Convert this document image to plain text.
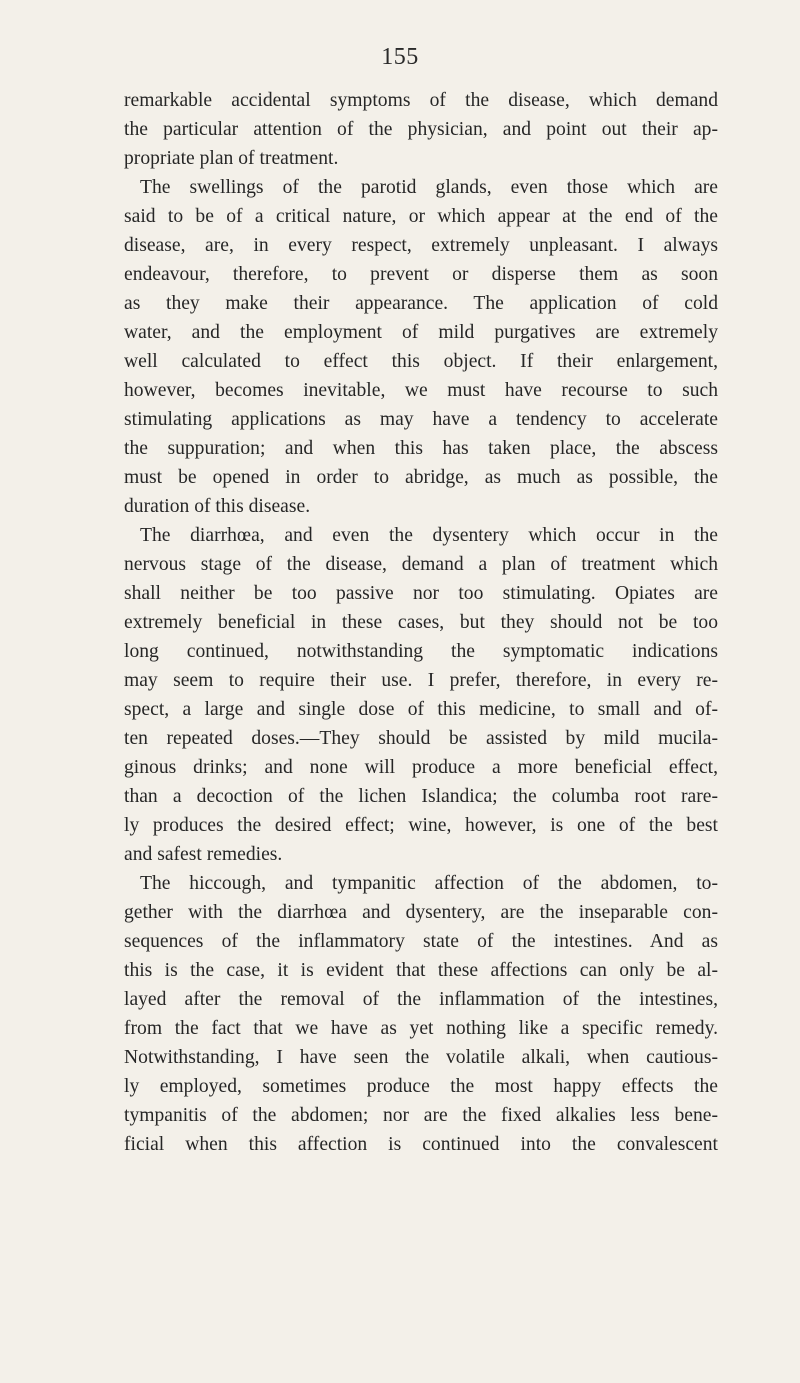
155
remarkable accidental symptoms of the disease, which demand
the particular attention of the physician, and point out their ap-
propriate plan of treatment.
The swellings of the parotid glands, even those which are
said to be of a critical nature, or which appear at the end of the
disease, are, in every respect, extremely unpleasant. I always
endeavour, therefore, to prevent or disperse them as soon
as they make their appearance. The application of cold
water, and the employment of mild purgatives are extremely
well calculated to effect this object. If their enlargement,
however, becomes inevitable, we must have recourse to such
stimulating applications as may have a tendency to accelerate
the suppuration; and when this has taken place, the abscess
must be opened in order to abridge, as much as possible, the
duration of this disease.
The diarrhœa, and even the dysentery which occur in the
nervous stage of the disease, demand a plan of treatment which
shall neither be too passive nor too stimulating. Opiates are
extremely beneficial in these cases, but they should not be too
long continued, notwithstanding the symptomatic indications
may seem to require their use. I prefer, therefore, in every re-
spect, a large and single dose of this medicine, to small and of-
ten repeated doses.—They should be assisted by mild mucila-
ginous drinks; and none will produce a more beneficial effect,
than a decoction of the lichen Islandica; the columba root rare-
ly produces the desired effect; wine, however, is one of the best
and safest remedies.
The hiccough, and tympanitic affection of the abdomen, to-
gether with the diarrhœa and dysentery, are the inseparable con-
sequences of the inflammatory state of the intestines. And as
this is the case, it is evident that these affections can only be al-
layed after the removal of the inflammation of the intestines,
from the fact that we have as yet nothing like a specific remedy.
Notwithstanding, I have seen the volatile alkali, when cautious-
ly employed, sometimes produce the most happy effects the
tympanitis of the abdomen; nor are the fixed alkalies less bene-
ficial when this affection is continued into the convalescent
